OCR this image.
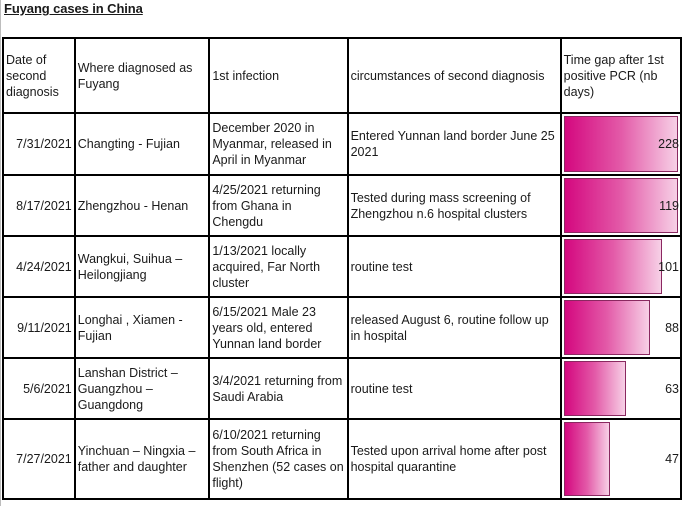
Fuyang cases in China
Date of second diagnosis	Where diagnosed as Fuyang	1st infection	circumstances of second diagnosis	Time gap after 1st positive PCR (nb days)
7/31/2021	Changting - Fujian	December 2020 in Myanmar, released in April in Myanmar	Entered Yunnan land border June 25 2021	228

8/17/2021	Zhengzhou - Henan	4/25/2021 returning from Ghana in Chengdu	Tested during mass screening of Zhengzhou n.6 hospital clusters	119

4/24/2021	Wangkui, Suihua – Heilongjiang	1/13/2021 locally acquired, Far North cluster	routine test	101

9/11/2021	Longhai , Xiamen - Fujian	6/15/2021 Male 23 years old, entered Yunnan land border	released August 6, routine follow up in hospital	88

5/6/2021	Lanshan District – Guangzhou – Guangdong	3/4/2021 returning from Saudi Arabia	routine test	63

7/27/2021	Yinchuan – Ningxia – father and daughter	6/10/2021 returning from South Africa in Shenzhen (52 cases on flight)	Tested upon arrival home after post hospital quarantine	47
